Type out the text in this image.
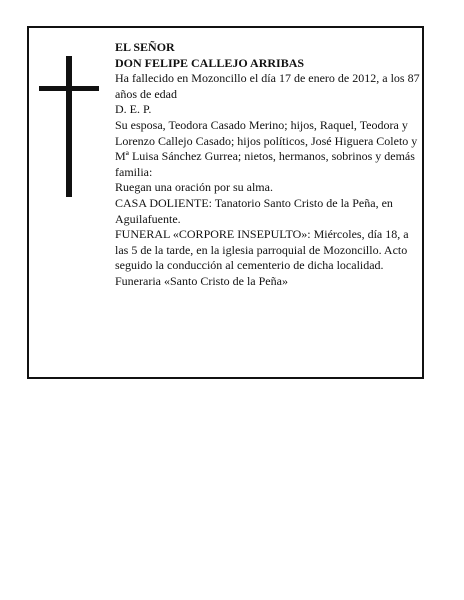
EL SEÑOR

DON FELIPE CALLEJO ARRIBAS

Ha fallecido en Mozoncillo el día 17 de enero de 2012, a los 87 años de edad

D. E. P.

Su esposa, Teodora Casado Merino; hijos, Raquel, Teodora y Lorenzo Callejo Casado; hijos políticos, José Higuera Coleto y Mª Luisa Sánchez Gurrea; nietos, hermanos, sobrinos y demás familia:

Ruegan una oración por su alma.

CASA DOLIENTE: Tanatorio Santo Cristo de la Peña, en Aguilafuente.

FUNERAL «CORPORE INSEPULTO»: Miércoles, día 18, a las 5 de la tarde, en la iglesia parroquial de Mozoncillo. Acto seguido la conducción al cementerio de dicha localidad.

Funeraria «Santo Cristo de la Peña»
